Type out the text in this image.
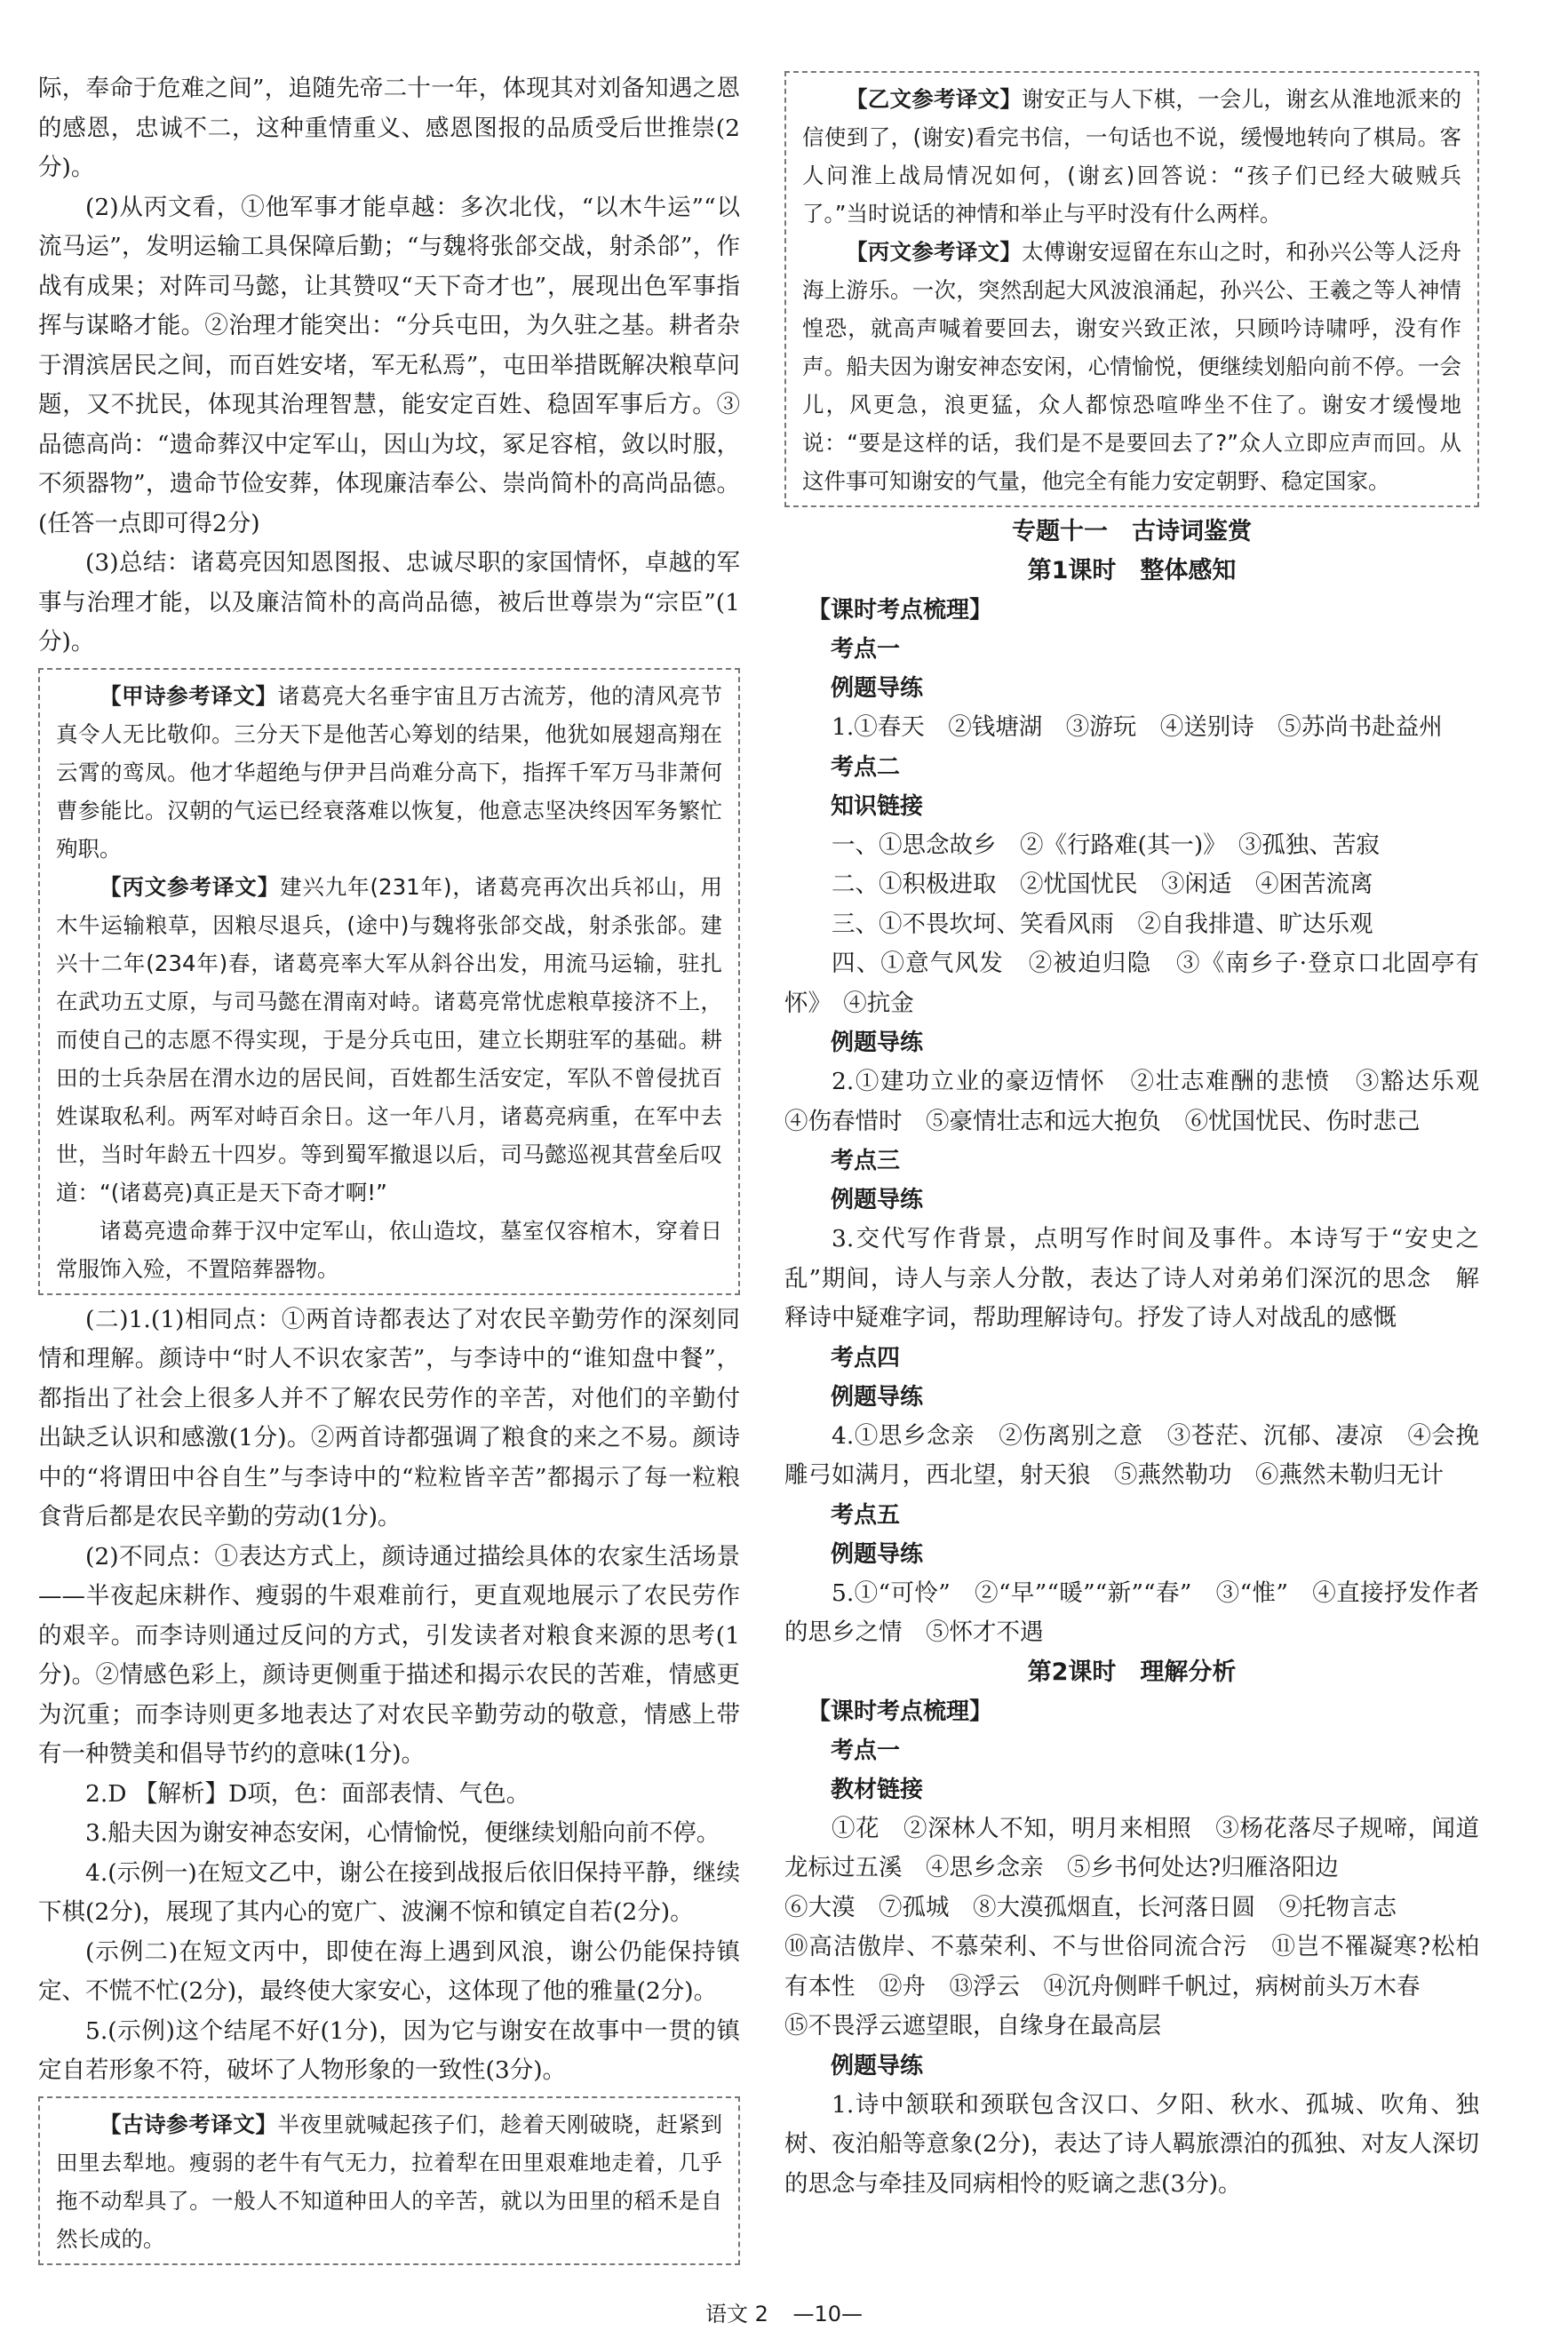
际，奉命于危难之间”，追随先帝二十一年，体现其对刘备知遇之恩的感恩，忠诚不二，这种重情重义、感恩图报的品质受后世推崇(2分)。

(2)从丙文看，①他军事才能卓越：多次北伐，“以木牛运”“以流马运”，发明运输工具保障后勤；“与魏将张郃交战，射杀郃”，作战有成果；对阵司马懿，让其赞叹“天下奇才也”，展现出色军事指挥与谋略才能。②治理才能突出：“分兵屯田，为久驻之基。耕者杂于渭滨居民之间，而百姓安堵，军无私焉”，屯田举措既解决粮草问题，又不扰民，体现其治理智慧，能安定百姓、稳固军事后方。③品德高尚：“遗命葬汉中定军山，因山为坟，冢足容棺，敛以时服，不须器物”，遗命节俭安葬，体现廉洁奉公、崇尚简朴的高尚品德。(任答一点即可得2分)

(3)总结：诸葛亮因知恩图报、忠诚尽职的家国情怀，卓越的军事与治理才能，以及廉洁简朴的高尚品德，被后世尊崇为“宗臣”(1分)。

【甲诗参考译文】诸葛亮大名垂宇宙且万古流芳，他的清风亮节真令人无比敬仰。三分天下是他苦心筹划的结果，他犹如展翅高翔在云霄的鸾凤。他才华超绝与伊尹吕尚难分高下，指挥千军万马非萧何曹参能比。汉朝的气运已经衰落难以恢复，他意志坚决终因军务繁忙殉职。

【丙文参考译文】建兴九年(231年)，诸葛亮再次出兵祁山，用木牛运输粮草，因粮尽退兵，(途中)与魏将张郃交战，射杀张郃。建兴十二年(234年)春，诸葛亮率大军从斜谷出发，用流马运输，驻扎在武功五丈原，与司马懿在渭南对峙。诸葛亮常忧虑粮草接济不上，而使自己的志愿不得实现，于是分兵屯田，建立长期驻军的基础。耕田的士兵杂居在渭水边的居民间，百姓都生活安定，军队不曾侵扰百姓谋取私利。两军对峙百余日。这一年八月，诸葛亮病重，在军中去世，当时年龄五十四岁。等到蜀军撤退以后，司马懿巡视其营垒后叹道：“(诸葛亮)真正是天下奇才啊!”

诸葛亮遗命葬于汉中定军山，依山造坟，墓室仅容棺木，穿着日常服饰入殓，不置陪葬器物。

(二)1.(1)相同点：①两首诗都表达了对农民辛勤劳作的深刻同情和理解。颜诗中“时人不识农家苦”，与李诗中的“谁知盘中餐”，都指出了社会上很多人并不了解农民劳作的辛苦，对他们的辛勤付出缺乏认识和感激(1分)。②两首诗都强调了粮食的来之不易。颜诗中的“将谓田中谷自生”与李诗中的“粒粒皆辛苦”都揭示了每一粒粮食背后都是农民辛勤的劳动(1分)。

(2)不同点：①表达方式上，颜诗通过描绘具体的农家生活场景——半夜起床耕作、瘦弱的牛艰难前行，更直观地展示了农民劳作的艰辛。而李诗则通过反问的方式，引发读者对粮食来源的思考(1分)。②情感色彩上，颜诗更侧重于描述和揭示农民的苦难，情感更为沉重；而李诗则更多地表达了对农民辛勤劳动的敬意，情感上带有一种赞美和倡导节约的意味(1分)。

2.D 【解析】D项，色：面部表情、气色。

3.船夫因为谢安神态安闲，心情愉悦，便继续划船向前不停。

4.(示例一)在短文乙中，谢公在接到战报后依旧保持平静，继续下棋(2分)，展现了其内心的宽广、波澜不惊和镇定自若(2分)。

(示例二)在短文丙中，即使在海上遇到风浪，谢公仍能保持镇定、不慌不忙(2分)，最终使大家安心，这体现了他的雅量(2分)。

5.(示例)这个结尾不好(1分)，因为它与谢安在故事中一贯的镇定自若形象不符，破坏了人物形象的一致性(3分)。

【古诗参考译文】半夜里就喊起孩子们，趁着天刚破晓，赶紧到田里去犁地。瘦弱的老牛有气无力，拉着犁在田里艰难地走着，几乎拖不动犁具了。一般人不知道种田人的辛苦，就以为田里的稻禾是自然长成的。

【乙文参考译文】谢安正与人下棋，一会儿，谢玄从淮地派来的信使到了，(谢安)看完书信，一句话也不说，缓慢地转向了棋局。客人问淮上战局情况如何，(谢玄)回答说：“孩子们已经大破贼兵了。”当时说话的神情和举止与平时没有什么两样。

【丙文参考译文】太傅谢安逗留在东山之时，和孙兴公等人泛舟海上游乐。一次，突然刮起大风波浪涌起，孙兴公、王羲之等人神情惶恐，就高声喊着要回去，谢安兴致正浓，只顾吟诗啸呼，没有作声。船夫因为谢安神态安闲，心情愉悦，便继续划船向前不停。一会儿，风更急，浪更猛，众人都惊恐喧哗坐不住了。谢安才缓慢地说：“要是这样的话，我们是不是要回去了?”众人立即应声而回。从这件事可知谢安的气量，他完全有能力安定朝野、稳定国家。

专题十一　古诗词鉴赏

第1课时　整体感知

【课时考点梳理】

考点一

例题导练

1.①春天　②钱塘湖　③游玩　④送别诗　⑤苏尚书赴益州

考点二

知识链接

一、①思念故乡　②《行路难(其一)》　③孤独、苦寂

二、①积极进取　②忧国忧民　③闲适　④困苦流离

三、①不畏坎坷、笑看风雨　②自我排遣、旷达乐观

四、①意气风发　②被迫归隐　③《南乡子·登京口北固亭有怀》　④抗金

例题导练

2.①建功立业的豪迈情怀　②壮志难酬的悲愤　③豁达乐观　④伤春惜时　⑤豪情壮志和远大抱负　⑥忧国忧民、伤时悲己

考点三

例题导练

3.交代写作背景，点明写作时间及事件。本诗写于“安史之乱”期间，诗人与亲人分散，表达了诗人对弟弟们深沉的思念　解释诗中疑难字词，帮助理解诗句。抒发了诗人对战乱的感慨

考点四

例题导练

4.①思乡念亲　②伤离别之意　③苍茫、沉郁、凄凉　④会挽雕弓如满月，西北望，射天狼　⑤燕然勒功　⑥燕然未勒归无计

考点五

例题导练

5.①“可怜”　②“早”“暖”“新”“春”　③“惟”　④直接抒发作者的思乡之情　⑤怀才不遇

第2课时　理解分析

【课时考点梳理】

考点一

教材链接

①花　②深林人不知，明月来相照　③杨花落尽子规啼，闻道龙标过五溪　④思乡念亲　⑤乡书何处达?归雁洛阳边

⑥大漠　⑦孤城　⑧大漠孤烟直，长河落日圆　⑨托物言志

⑩高洁傲岸、不慕荣利、不与世俗同流合污　⑪岂不罹凝寒?松柏有本性　⑫舟　⑬浮云　⑭沉舟侧畔千帆过，病树前头万木春

⑮不畏浮云遮望眼，自缘身在最高层

例题导练

1.诗中颔联和颈联包含汉口、夕阳、秋水、孤城、吹角、独树、夜泊船等意象(2分)，表达了诗人羁旅漂泊的孤独、对友人深切的思念与牵挂及同病相怜的贬谪之悲(3分)。

语文 2 —10—
